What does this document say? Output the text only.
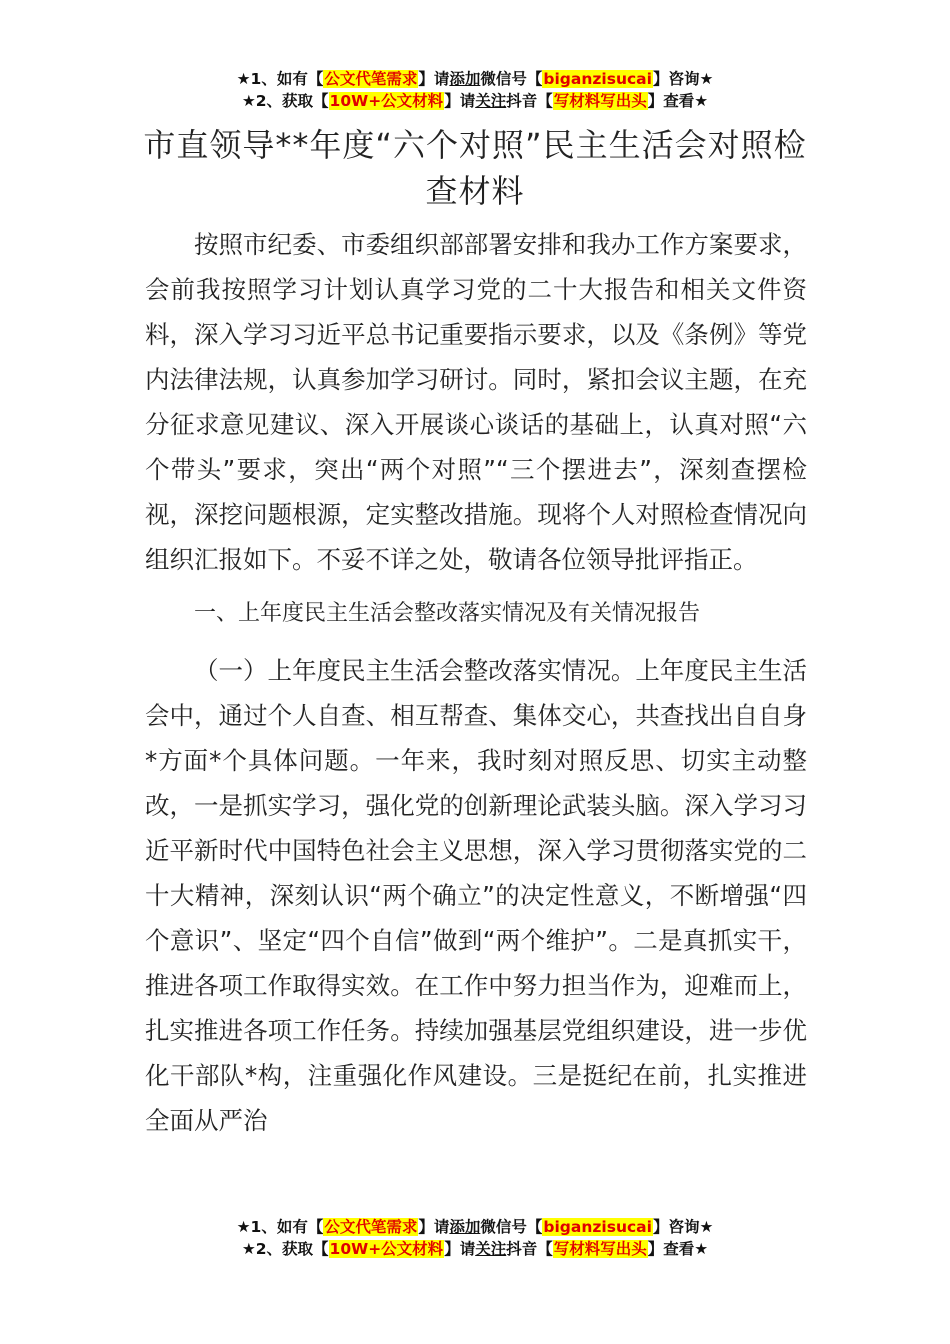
★1、如有【公文代笔需求】请添加微信号【biganzisucai】咨询★
★2、获取【10W+公文材料】请关注抖音【写材料写出头】查看★
市直领导**年度“六个对照”民主生活会对照检查材料

按照市纪委、市委组织部部署安排和我办工作方案要求，会前我按照学习计划认真学习党的二十大报告和相关文件资料，深入学习习近平总书记重要指示要求，以及《条例》等党内法律法规，认真参加学习研讨。同时，紧扣会议主题，在充分征求意见建议、深入开展谈心谈话的基础上，认真对照“六个带头”要求，突出“两个对照”“三个摆进去”，深刻查摆检视，深挖问题根源，定实整改措施。现将个人对照检查情况向组织汇报如下。不妥不详之处，敬请各位领导批评指正。

一、上年度民主生活会整改落实情况及有关情况报告

（一）上年度民主生活会整改落实情况。上年度民主生活会中，通过个人自查、相互帮查、集体交心，共查找出自自身*方面*个具体问题。一年来，我时刻对照反思、切实主动整改，一是抓实学习，强化党的创新理论武装头脑。深入学习习近平新时代中国特色社会主义思想，深入学习贯彻落实党的二十大精神，深刻认识“两个确立”的决定性意义，不断增强“四个意识”、坚定“四个自信”做到“两个维护”。二是真抓实干，推进各项工作取得实效。在工作中努力担当作为，迎难而上，扎实推进各项工作任务。持续加强基层党组织建设，进一步优化干部队*构，注重强化作风建设。三是挺纪在前，扎实推进全面从严治

★1、如有【公文代笔需求】请添加微信号【biganzisucai】咨询★
★2、获取【10W+公文材料】请关注抖音【写材料写出头】查看★
